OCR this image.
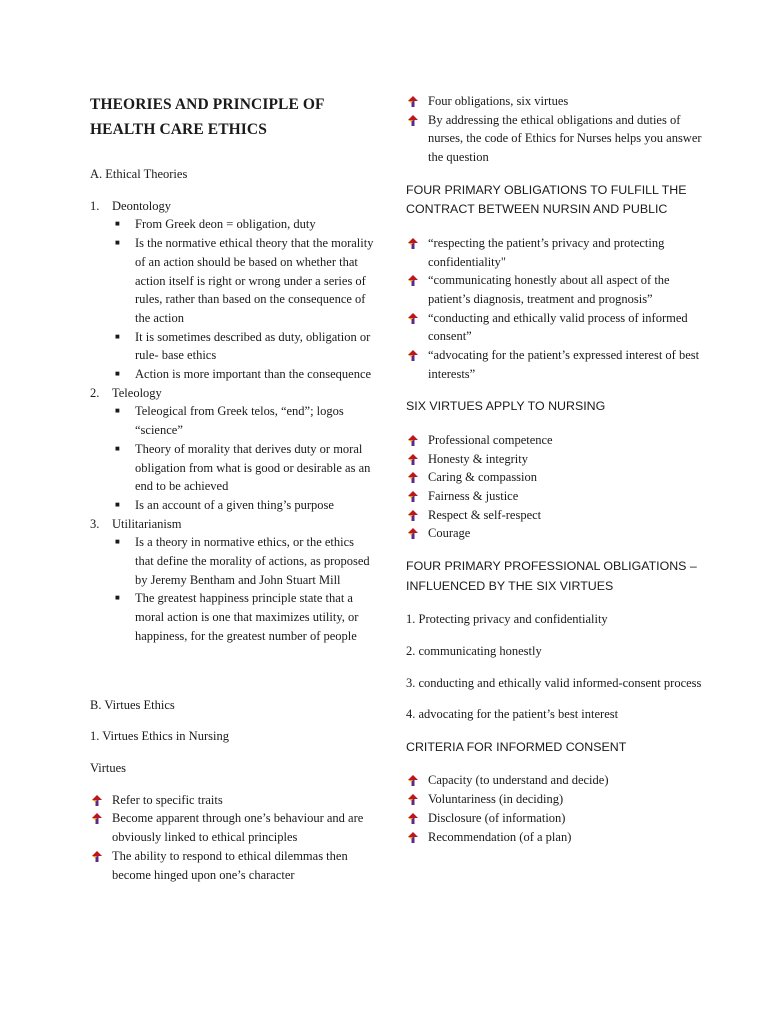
THEORIES AND PRINCIPLE OF
HEALTH CARE ETHICS

A. Ethical Theories

1.	Deontology
■	From Greek deon = obligation, duty
■	Is the normative ethical theory that the morality of an action should be based on whether that action itself is right or wrong under a series of rules, rather than based on the consequence of the action
■	It is sometimes described as duty, obligation or rule- base ethics
■	Action is more important than the consequence
2.	Teleology
■	Teleogical from Greek telos, “end”; logos “science”
■	Theory of morality that derives duty or moral obligation from what is good or desirable as an end to be achieved
■	Is an account of a given thing’s purpose
3.	Utilitarianism
■	Is a theory in normative ethics, or the ethics that define the morality of actions, as proposed by Jeremy Bentham and John Stuart Mill
■	The greatest happiness principle state that a moral action is one that maximizes utility, or happiness, for the greatest number of people

B. Virtues Ethics

1. Virtues Ethics in Nursing

Virtues

Refer to specific traits
Become apparent through one’s behaviour and are obviously linked to ethical principles
The ability to respond to ethical dilemmas then become hinged upon one’s character
Four obligations, six virtues
By addressing the ethical obligations and duties of nurses, the code of Ethics for Nurses helps you answer the question

FOUR PRIMARY OBLIGATIONS TO FULFILL THE CONTRACT BETWEEN NURSIN AND PUBLIC

“respecting the patient’s privacy and protecting confidentiality"
“communicating honestly about all aspect of the patient’s diagnosis, treatment and prognosis”
“conducting and ethically valid process of informed consent”
“advocating for the patient’s expressed interest of best interests”

SIX VIRTUES APPLY TO NURSING

Professional competence
Honesty & integrity
Caring & compassion
Fairness & justice
Respect & self-respect
Courage

FOUR PRIMARY PROFESSIONAL OBLIGATIONS – INFLUENCED BY THE SIX VIRTUES

1. Protecting privacy and confidentiality

2. communicating honestly

3. conducting and ethically valid informed-consent process

4. advocating for the patient’s best interest

CRITERIA FOR INFORMED CONSENT

Capacity (to understand and decide)
Voluntariness (in deciding)
Disclosure (of information)
Recommendation (of a plan)
